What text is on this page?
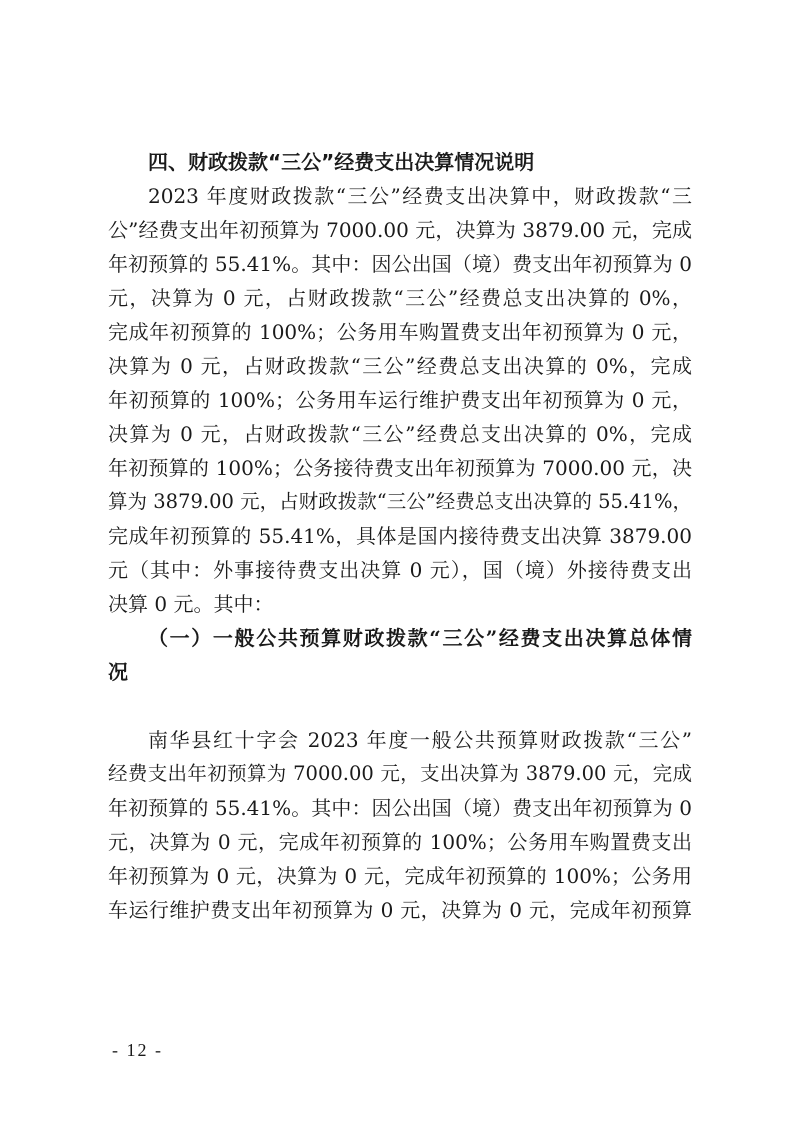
四、财政拨款“三公”经费支出决算情况说明
2023 年度财政拨款“三公”经费支出决算中，财政拨款“三
公”经费支出年初预算为 7000.00 元，决算为 3879.00 元，完成
年初预算的 55.41%。其中：因公出国（境）费支出年初预算为 0
元，决算为 0 元，占财政拨款“三公”经费总支出决算的 0%，
完成年初预算的 100%；公务用车购置费支出年初预算为 0 元，
决算为 0 元，占财政拨款“三公”经费总支出决算的 0%，完成
年初预算的 100%；公务用车运行维护费支出年初预算为 0 元，
决算为 0 元，占财政拨款“三公”经费总支出决算的 0%，完成
年初预算的 100%；公务接待费支出年初预算为 7000.00 元，决
算为 3879.00 元，占财政拨款“三公”经费总支出决算的 55.41%，
完成年初预算的 55.41%，具体是国内接待费支出决算 3879.00
元（其中：外事接待费支出决算 0 元），国（境）外接待费支出
决算 0 元。其中：
（一）一般公共预算财政拨款“三公”经费支出决算总体情
况
南华县红十字会 2023 年度一般公共预算财政拨款“三公”
经费支出年初预算为 7000.00 元，支出决算为 3879.00 元，完成
年初预算的 55.41%。其中：因公出国（境）费支出年初预算为 0
元，决算为 0 元，完成年初预算的 100%；公务用车购置费支出
年初预算为 0 元，决算为 0 元，完成年初预算的 100%；公务用
车运行维护费支出年初预算为 0 元，决算为 0 元，完成年初预算
- 12 -
